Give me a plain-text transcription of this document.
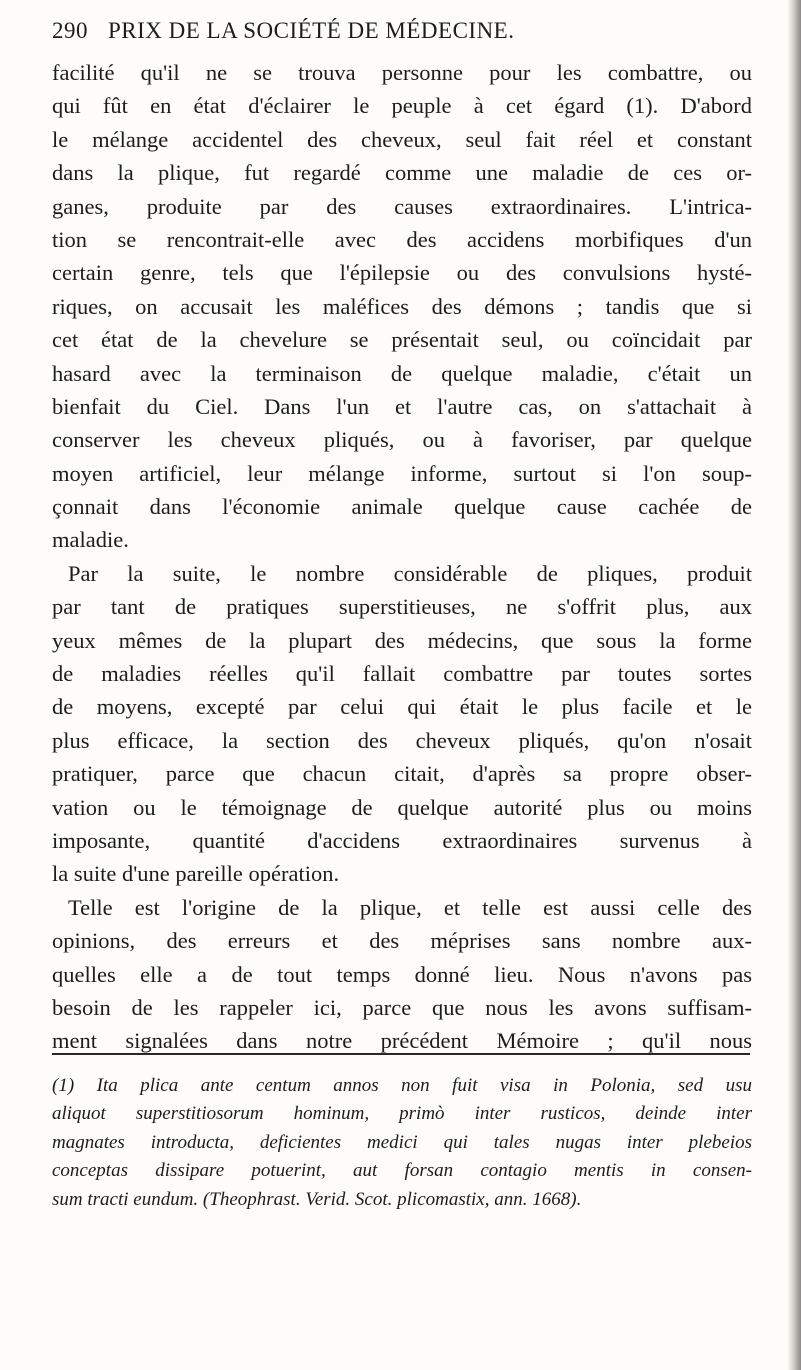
290 PRIX DE LA SOCIÉTÉ DE MÉDECINE.
facilité qu'il ne se trouva personne pour les combattre, ou
qui fût en état d'éclairer le peuple à cet égard (1). D'abord
le mélange accidentel des cheveux, seul fait réel et constant
dans la plique, fut regardé comme une maladie de ces or-
ganes, produite par des causes extraordinaires. L'intrica-
tion se rencontrait-elle avec des accidens morbifiques d'un
certain genre, tels que l'épilepsie ou des convulsions hysté-
riques, on accusait les maléfices des démons ; tandis que si
cet état de la chevelure se présentait seul, ou coïncidait par
hasard avec la terminaison de quelque maladie, c'était un
bienfait du Ciel. Dans l'un et l'autre cas, on s'attachait à
conserver les cheveux pliqués, ou à favoriser, par quelque
moyen artificiel, leur mélange informe, surtout si l'on soup-
çonnait dans l'économie animale quelque cause cachée de
maladie.
Par la suite, le nombre considérable de pliques, produit
par tant de pratiques superstitieuses, ne s'offrit plus, aux
yeux mêmes de la plupart des médecins, que sous la forme
de maladies réelles qu'il fallait combattre par toutes sortes
de moyens, excepté par celui qui était le plus facile et le
plus efficace, la section des cheveux pliqués, qu'on n'osait
pratiquer, parce que chacun citait, d'après sa propre obser-
vation ou le témoignage de quelque autorité plus ou moins
imposante, quantité d'accidens extraordinaires survenus à
la suite d'une pareille opération.
Telle est l'origine de la plique, et telle est aussi celle des
opinions, des erreurs et des méprises sans nombre aux-
quelles elle a de tout temps donné lieu. Nous n'avons pas
besoin de les rappeler ici, parce que nous les avons suffisam-
ment signalées dans notre précédent Mémoire ; qu'il nous
(1) Ita plica ante centum annos non fuit visa in Polonia, sed usu
aliquot superstitiosorum hominum, primò inter rusticos, deinde inter
magnates introducta, deficientes medici qui tales nugas inter plebeios
conceptas dissipare potuerint, aut forsan contagio mentis in consen-
sum tracti eundum. (Theophrast. Verid. Scot. plicomastix, ann. 1668).
